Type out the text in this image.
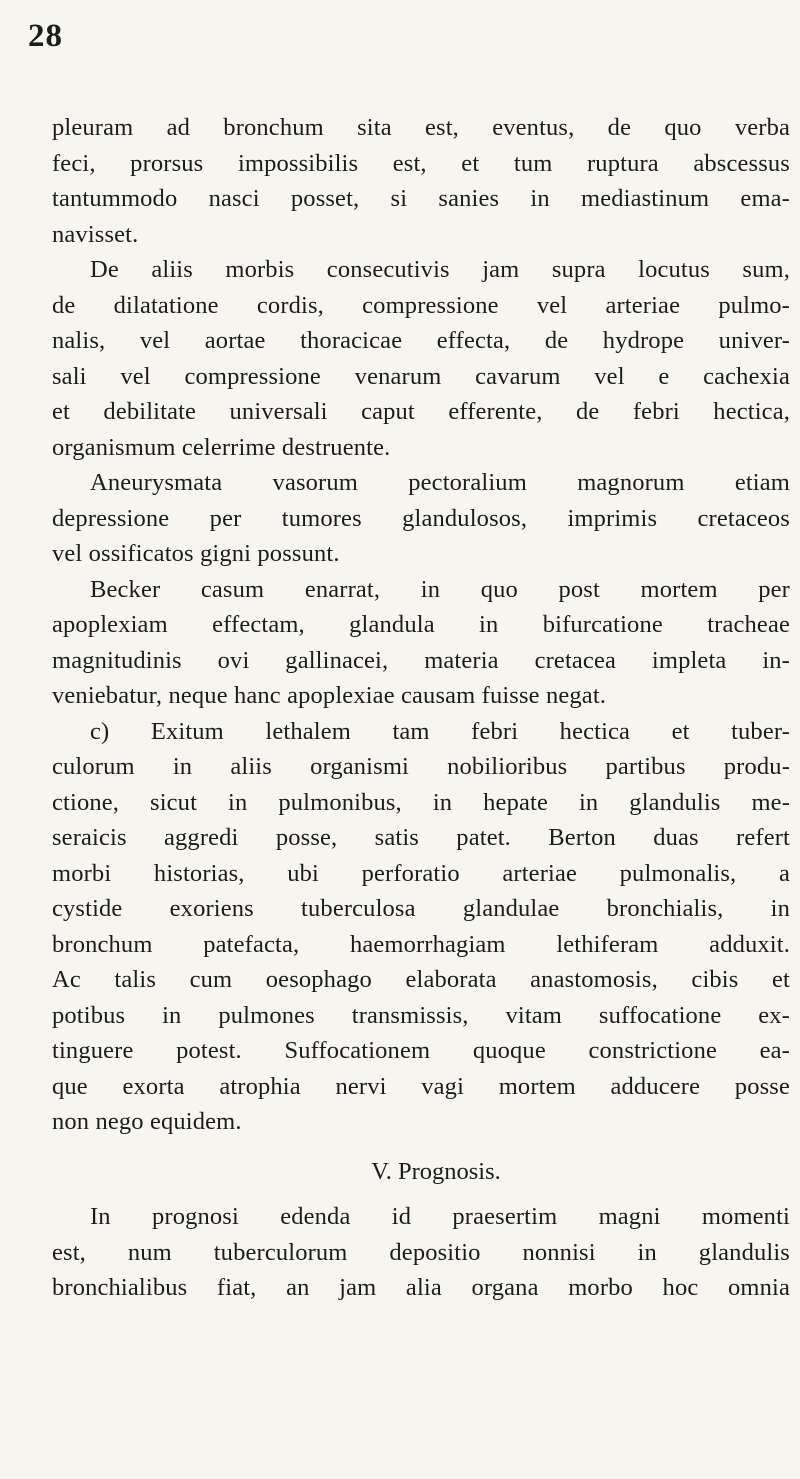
28
pleuram ad bronchum sita est, eventus, de quo verba
feci, prorsus impossibilis est, et tum ruptura abscessus
tantummodo nasci posset, si sanies in mediastinum ema-
navisset.
De aliis morbis consecutivis jam supra locutus sum,
de dilatatione cordis, compressione vel arteriae pulmo-
nalis, vel aortae thoracicae effecta, de hydrope univer-
sali vel compressione venarum cavarum vel e cachexia
et debilitate universali caput efferente, de febri hectica,
organismum celerrime destruente.
Aneurysmata vasorum pectoralium magnorum etiam
depressione per tumores glandulosos, imprimis cretaceos
vel ossificatos gigni possunt.
Becker casum enarrat, in quo post mortem per
apoplexiam effectam, glandula in bifurcatione tracheae
magnitudinis ovi gallinacei, materia cretacea impleta in-
veniebatur, neque hanc apoplexiae causam fuisse negat.
c) Exitum lethalem tam febri hectica et tuber-
culorum in aliis organismi nobilioribus partibus produ-
ctione, sicut in pulmonibus, in hepate in glandulis me-
seraicis aggredi posse, satis patet. Berton duas refert
morbi historias, ubi perforatio arteriae pulmonalis, a
cystide exoriens tuberculosa glandulae bronchialis, in
bronchum patefacta, haemorrhagiam lethiferam adduxit.
Ac talis cum oesophago elaborata anastomosis, cibis et
potibus in pulmones transmissis, vitam suffocatione ex-
tinguere potest. Suffocationem quoque constrictione ea-
que exorta atrophia nervi vagi mortem adducere posse
non nego equidem.
V. Prognosis.
In prognosi edenda id praesertim magni momenti
est, num tuberculorum depositio nonnisi in glandulis
bronchialibus fiat, an jam alia organa morbo hoc omnia
